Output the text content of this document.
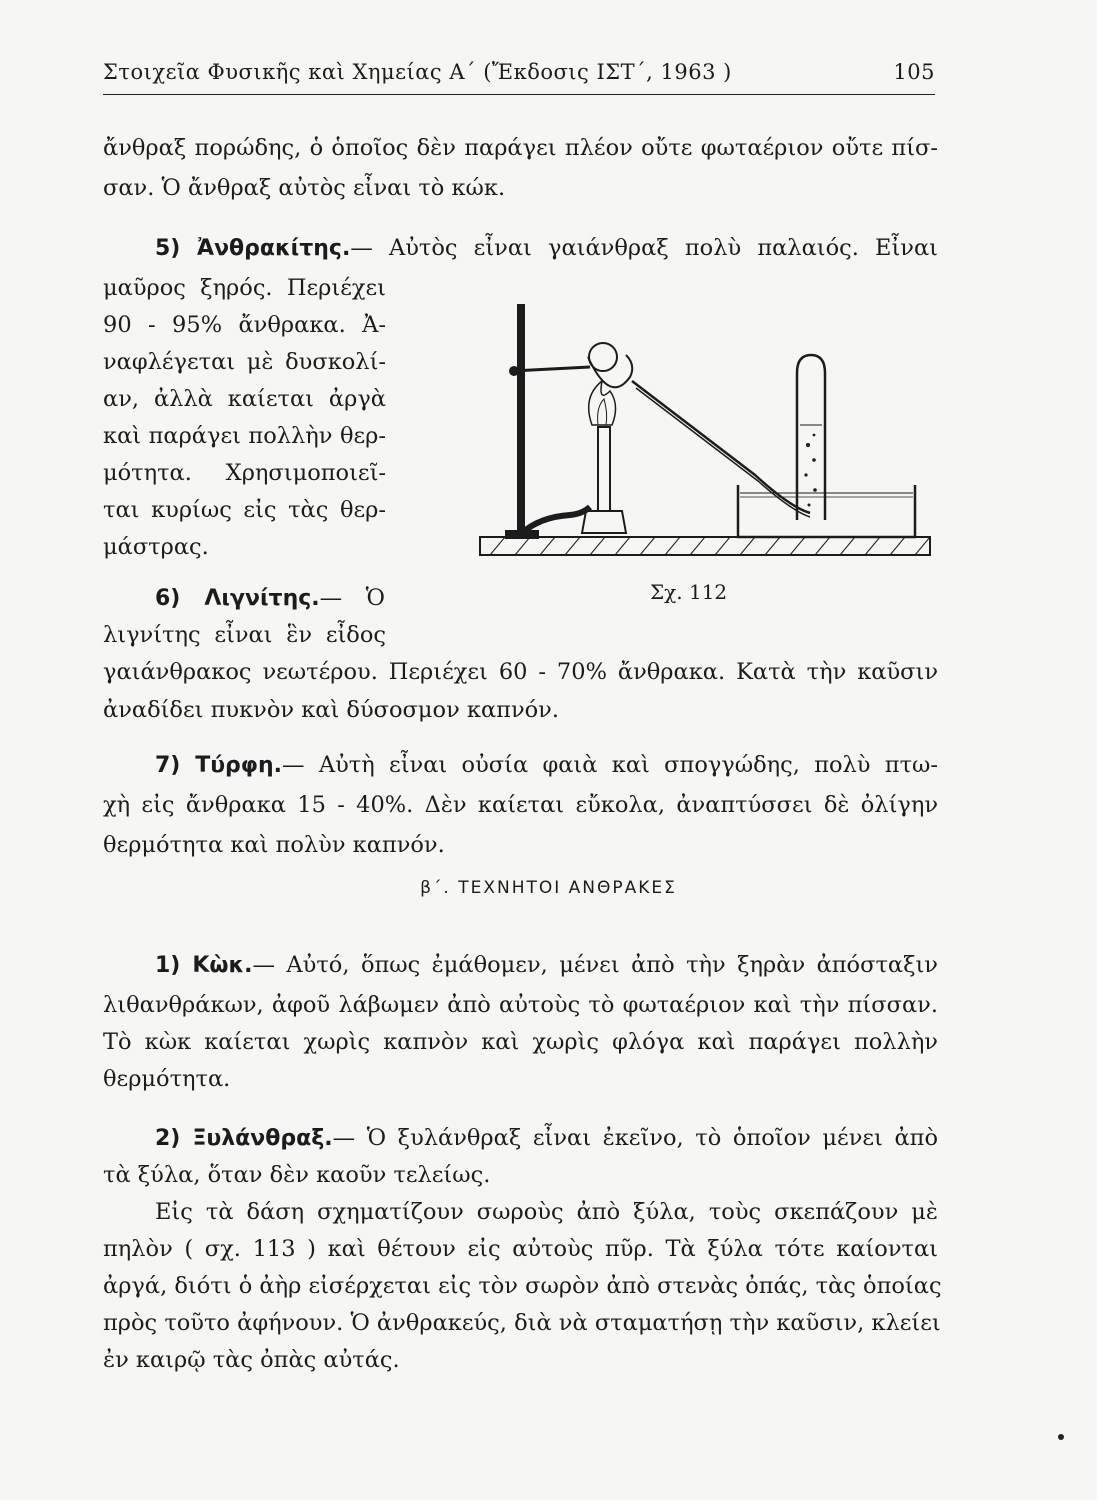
Στοιχεῖα Φυσικῆς καὶ Χημείας Α΄ (Ἔκδοσις ΙΣΤ΄, 1963 )	105
ἄνθραξ πορώδης, ὁ ὁποῖος δὲν παράγει πλέον οὔτε φωταέριον οὔτε πίσ-
σαν. Ὁ ἄνθραξ αὐτὸς εἶναι τὸ κώκ.
5) Ἀνθρακίτης.— Αὐτὸς εἶναι γαιάνθραξ πολὺ παλαιός. Εἶναι
μαῦρος ξηρός. Περιέχει
90 - 95% ἄνθρακα. Ἀ-
ναφλέγεται μὲ δυσκολί-
αν, ἀλλὰ καίεται ἀργὰ
καὶ παράγει πολλὴν θερ-
μότητα. Χρησιμοποιεῖ-
ται κυρίως εἰς τὰς θερ-
μάστρας.
6) Λιγνίτης.— Ὁ
λιγνίτης εἶναι ἓν εἶδος
γαιάνθρακος νεωτέρου. Περιέχει 60 - 70% ἄνθρακα. Κατὰ τὴν καῦσιν
ἀναδίδει πυκνὸν καὶ δύσοσμον καπνόν.
7) Τύρφη.— Αὐτὴ εἶναι οὐσία φαιὰ καὶ σπογγώδης, πολὺ πτω-
χὴ εἰς ἄνθρακα 15 - 40%. Δὲν καίεται εὔκολα, ἀναπτύσσει δὲ ὀλίγην
θερμότητα καὶ πολὺν καπνόν.
β΄. ΤΕΧΝΗΤΟΙ ΑΝΘΡΑΚΕΣ
1) Κὼκ.— Αὐτό, ὅπως ἐμάθομεν, μένει ἀπὸ τὴν ξηρὰν ἀπόσταξιν
λιθανθράκων, ἀφοῦ λάβωμεν ἀπὸ αὐτοὺς τὸ φωταέριον καὶ τὴν πίσσαν.
Τὸ κὼκ καίεται χωρὶς καπνὸν καὶ χωρὶς φλόγα καὶ παράγει πολλὴν
θερμότητα.
2) Ξυλάνθραξ.— Ὁ ξυλάνθραξ εἶναι ἐκεῖνο, τὸ ὁποῖον μένει ἀπὸ
τὰ ξύλα, ὅταν δὲν καοῦν τελείως.
Εἰς τὰ δάση σχηματίζουν σωροὺς ἀπὸ ξύλα, τοὺς σκεπάζουν μὲ
πηλὸν ( σχ. 113 ) καὶ θέτουν εἰς αὐτοὺς πῦρ. Τὰ ξύλα τότε καίονται
ἀργά, διότι ὁ ἀὴρ εἰσέρχεται εἰς τὸν σωρὸν ἀπὸ στενὰς ὀπάς, τὰς ὁποίας
πρὸς τοῦτο ἀφήνουν. Ὁ ἀνθρακεύς, διὰ νὰ σταματήσῃ τὴν καῦσιν, κλείει
ἐν καιρῷ τὰς ὀπὰς αὐτάς.
Σχ. 112
